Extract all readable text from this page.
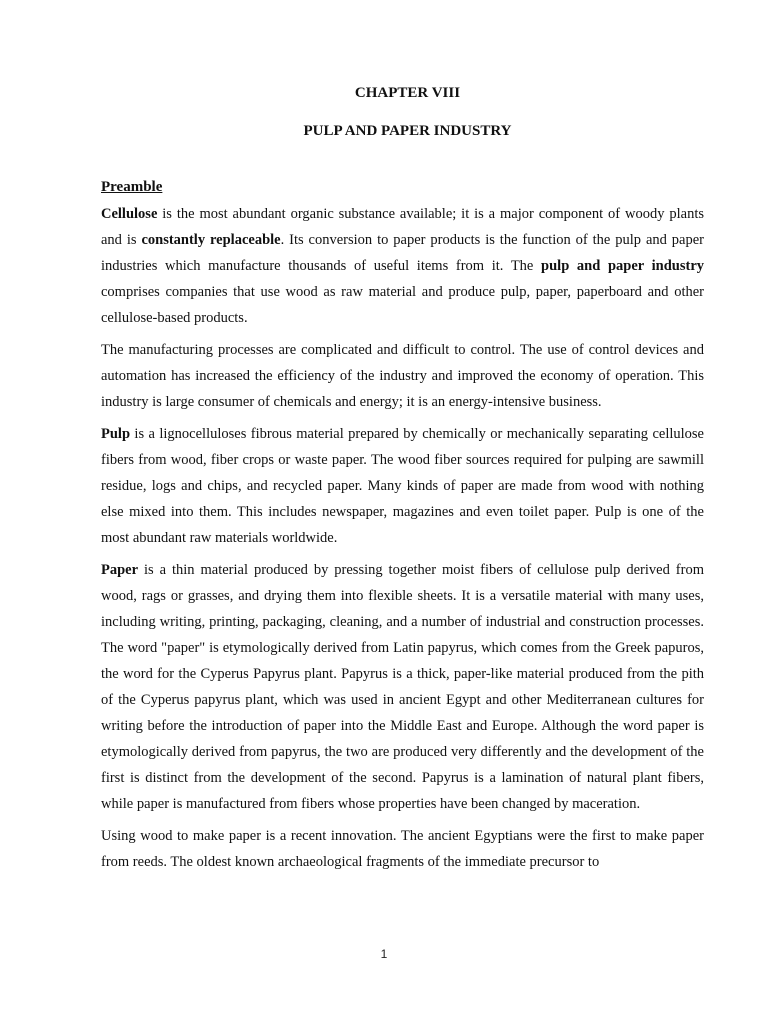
CHAPTER VIII
PULP AND PAPER INDUSTRY
Preamble

Cellulose is the most abundant organic substance available; it is a major component of woody plants and is constantly replaceable. Its conversion to paper products is the function of the pulp and paper industries which manufacture thousands of useful items from it. The pulp and paper industry comprises companies that use wood as raw material and produce pulp, paper, paperboard and other cellulose-based products.

The manufacturing processes are complicated and difficult to control. The use of control devices and automation has increased the efficiency of the industry and improved the economy of operation. This industry is large consumer of chemicals and energy; it is an energy-intensive business.

Pulp is a lignocelluloses fibrous material prepared by chemically or mechanically separating cellulose fibers from wood, fiber crops or waste paper. The wood fiber sources required for pulping are sawmill residue, logs and chips, and recycled paper. Many kinds of paper are made from wood with nothing else mixed into them. This includes newspaper, magazines and even toilet paper. Pulp is one of the most abundant raw materials worldwide.

Paper is a thin material produced by pressing together moist fibers of cellulose pulp derived from wood, rags or grasses, and drying them into flexible sheets. It is a versatile material with many uses, including writing, printing, packaging, cleaning, and a number of industrial and construction processes. The word "paper" is etymologically derived from Latin papyrus, which comes from the Greek papuros, the word for the Cyperus Papyrus plant. Papyrus is a thick, paper-like material produced from the pith of the Cyperus papyrus plant, which was used in ancient Egypt and other Mediterranean cultures for writing before the introduction of paper into the Middle East and Europe. Although the word paper is etymologically derived from papyrus, the two are produced very differently and the development of the first is distinct from the development of the second. Papyrus is a lamination of natural plant fibers, while paper is manufactured from fibers whose properties have been changed by maceration.

Using wood to make paper is a recent innovation. The ancient Egyptians were the first to make paper from reeds. The oldest known archaeological fragments of the immediate precursor to

1
